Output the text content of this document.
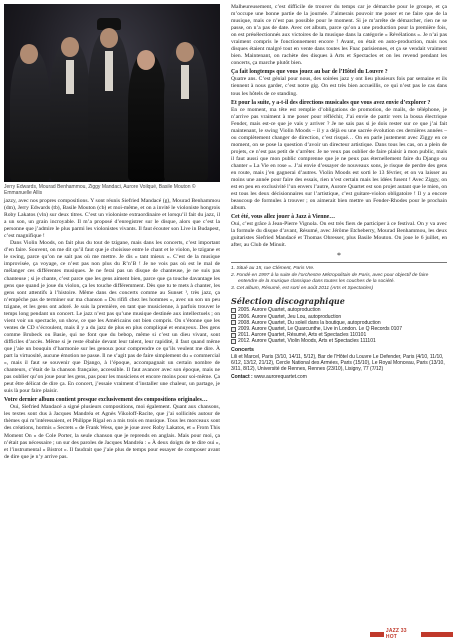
Jerry Edwards, Mourad Benhammou, Ziggy Mandaci, Aurore Voilqué, Basile Mouton © Emmanuelle Allis

jazzy, avec nos propres compositions. Y sont réunis Siefried Mandacé (g), Mourad Benhammou (dm), Jerry Edwards (tb), Basile Mouton (cb) et moi-même, et on a invité le violoniste hongrois Roby Lakatos (vln) sur deux titres. C’est un violoniste extraordinaire et lorsqu’il fait du jazz, il a un son, un grain incroyable. Il m’a proposé d’enregistrer sur le disque, alors que c’est la personne que j’admire le plus parmi les violonistes vivants. Il faut écouter son Live in Budapest, c’est magnifique !

Dans Violin Moods, on fait plus du tout de tzigane, mais dans les concerts, c’est important d’en faire. Souvent, on me dit qu’il faut que je choisisse entre le chant et le violon, le tzigane et le swing, parce qu’on ne sait pas où me mettre. Je dis « tant mieux ». C’est de la musique improvisée, ça voyage, ce n’est pas non plus du R’n’B ! Je ne vois pas où est le mal de mélanger ces différentes musiques. Je ne ferai pas un disque de chanteuse, je ne suis pas chanteuse ; si je chante, c’est parce que les gens aiment bien, parce que ça touche davantage les gens que quand je joue du violon, ça les touche différemment. Dès que tu te mets à chanter, les gens sont attentifs à l’histoire. Même dans des concerts comme au Sunset ¹, très jazz, ça n’empêche pas de terminer sur ma chanson « Du rififi chez les hommes », avec un son un peu tzigane, et les gens ont adoré. Je suis la première, en tant que musicienne, à parfois trouver le temps long pendant un concert. Le jazz n’est pas qu’une musique destinée aux intellectuels ; on vient voir un spectacle, un show, ce que les Américains ont bien compris. On s’étonne que les ventes de CD s’écroulent, mais il y a du jazz de plus en plus compliqué et ennuyeux. Des gens comme Brubeck ou Basie, qui ne font que du bebop, même si c’est un dieu vivant, sont difficiles d’accès. Même si je reste ébahie devant leur talent, leur rapidité, il faut quand même que j’aie un bouquin d’harmonie sur les genoux pour comprendre ce qu’ils veulent me dire. À part la virtuosité, aucune émotion ne passe. Il ne s’agit pas de faire simplement du « commercial », mais il faut se souvenir que Django, à l’époque, accompagnait un certain nombre de chanteurs, c’était de la chanson française, accessible. Il faut avancer avec son époque, mais ne pas oublier qu’on joue pour les gens, pas pour les musiciens et encore moins pour soi-même. Ça peut être délicat de dire ça. En concert, j’essaie vraiment d’installer une chaleur, un partage, je suis là pour faire plaisir.

Votre dernier album contient presque exclusivement des compositions originales…

Oui, Siefried Mandacé a signé plusieurs compositions, moi également. Quant aux chansons, les textes sont dus à Jacques Mandréa et Agnès Vikoloff-Racite, que j’ai sollicités autour de thèmes qui m’intéressaient, et Philippe Rigal en a mis trois en musique. Tous les morceaux sont des créations, hormis « Secrets » de Frank Wess, que je joue avec Roby Lakatos, et « From This Moment On » de Cole Porter, la seule chanson que je reprends en anglais. Mais pour moi, ça n’était pas nécessaire ; un sur des paroles de Jacques Mandréa : « À deux doigts de te dire oui », et l’instrumental « Bistrot ». Il faudrait que j’aie plus de temps pour essayer de composer avant de dire que je n’y arrive pas.

Malheureusement, c’est difficile de trouver du temps car je démarche pour le groupe, et ça m’occupe une bonne partie de la journée. J’aimerais pouvoir me poser et ne faire que de la musique, mais ce n’est pas possible pour le moment. Si je m’arrête de démarcher, rien ne se passe, on n’a pas de date. Avec cet album, parce qu’on a une production pour la première fois, on est présélectionnés aux victoires de la musique dans la catégorie « Révélations ». Je n’ai pas vraiment compris le fonctionnement encore ! Avant, on était en auto-production, mais nos disques étaient malgré tout en vente dans toutes les Fnac parisiennes, et ça se vendait vraiment bien. Maintenant, on rachète des disques à Arts et Spectacles et on les revend pendant les concerts, ça marche plutôt bien.

Ça fait longtemps que vous jouez au bar de l’Hôtel du Louvre ?

Quatre ans. C’est génial pour nous, des soirées jazz y ont lieu plusieurs fois par semaine et ils tiennent à nous garder, c’est notre gig. On est très bien accueillis, ce qui n’est pas le cas dans tous les hôtels de ce standing.

Et pour la suite, y a-t-il des directions musicales que vous avez envie d’explorer ?

En ce moment, ma tête est remplie d’obligations de promotion, de mails, de téléphone, je n’arrive pas vraiment à me poser pour réfléchir, J’ai envie de partir vers la bossa électrique Fender, mais est-ce que je vais y arriver ? Je ne sais pas si je dois rester sur ce que j’ai fait maintenant, le swing Violin Moods – il y a déjà eu une sacrée évolution ces dernières années – ou complètement changer de direction, c’est risqué… On en parle justement avec Ziggy en ce moment, on se pose la question d’avoir un directeur artistique. Dans tous les cas, on a plein de projets, ce n’est pas petit de s’arrêter. Je ne veux pas oublier de faire plaisir à mon public, mais il faut aussi que mon public comprenne que je ne peux pas éternellement faire du Django ou chanter « La Vie en rose ». J’ai envie d’essayer de nouveaux sons, je risque de perdre des gens en route, mais j’en gagnerai d’autres. Violin Moods est sorti le 13 février, et on va laisser au moins une année pour faire des essais, rien n’est certain mais les idées fusent ! Avec Ziggy, on est en peu en exclusivité l’un envers l’autre, Aurore Quartet est son projet autant que le mien, on est tous les deux décisionnaires sur l’artistique, c’est guitare-violon obligatoire ! Il y a encore beaucoup de formules à trouver ; on aimerait bien mettre un Fender-Rhodes pour le prochain album.

Cet été, vous allez jouer à Jazz à Vienne…

Oui, c’est grâce à Jean-Pierre Vignola. On est très fiers de participer à ce festival. On y va avec la formule du disque d’avant, Résumé, avec Jérôme Etcheberry, Mourad Benhammou, les deux guitaristes Siefried Mandacé et Thomas Ohresser, plus Basile Mouton. On joue le 6 juillet, en after, au Club de Minuit.

*

1. Situé au 15, rue Clément, Paris VIe.

2. Fondé en 1997 à la suite de l’orchestre Métropolitain de Paris, avec pour objectif de faire entendre de la musique classique dans toutes les couches de la société.

3. Cet album, Résumé, est sorti en août 2011 (Arts et Spectacles)

Sélection discographique
2005. Aurore Quartet, autoproduction
2006. Aurore Quartet, Jeu Lou, autoproduction
2008. Aurore Quartet, Du soleil dans la boutique, autoproduction
2009. Aurore Quartet, Le Quarcunthe, Live in London. Le Q Records 0107
2011. Aurore Quartet, Résumé, Arts et Spectacles 110101
2012. Aurore Quartet, Violin Moods, Arts et Spectacles 111101
Concerts
Lili et Marcel, Paris (3/10, 14/11, 5/12), Bar de l’Hôtel du Louvre Le Defender, Paris (4/10, 11/10, 6/12, 13/12, 21/12), Cercle National des Armées, Paris (15/10), Le Royal Monceau, Paris (13/10, 3/11, 8/12), Université de Rennes, Rennes (23/10), Lisigny, 77 (7/12)
Contact : www.aurorequartet.com
JAZZ 33 HOT
